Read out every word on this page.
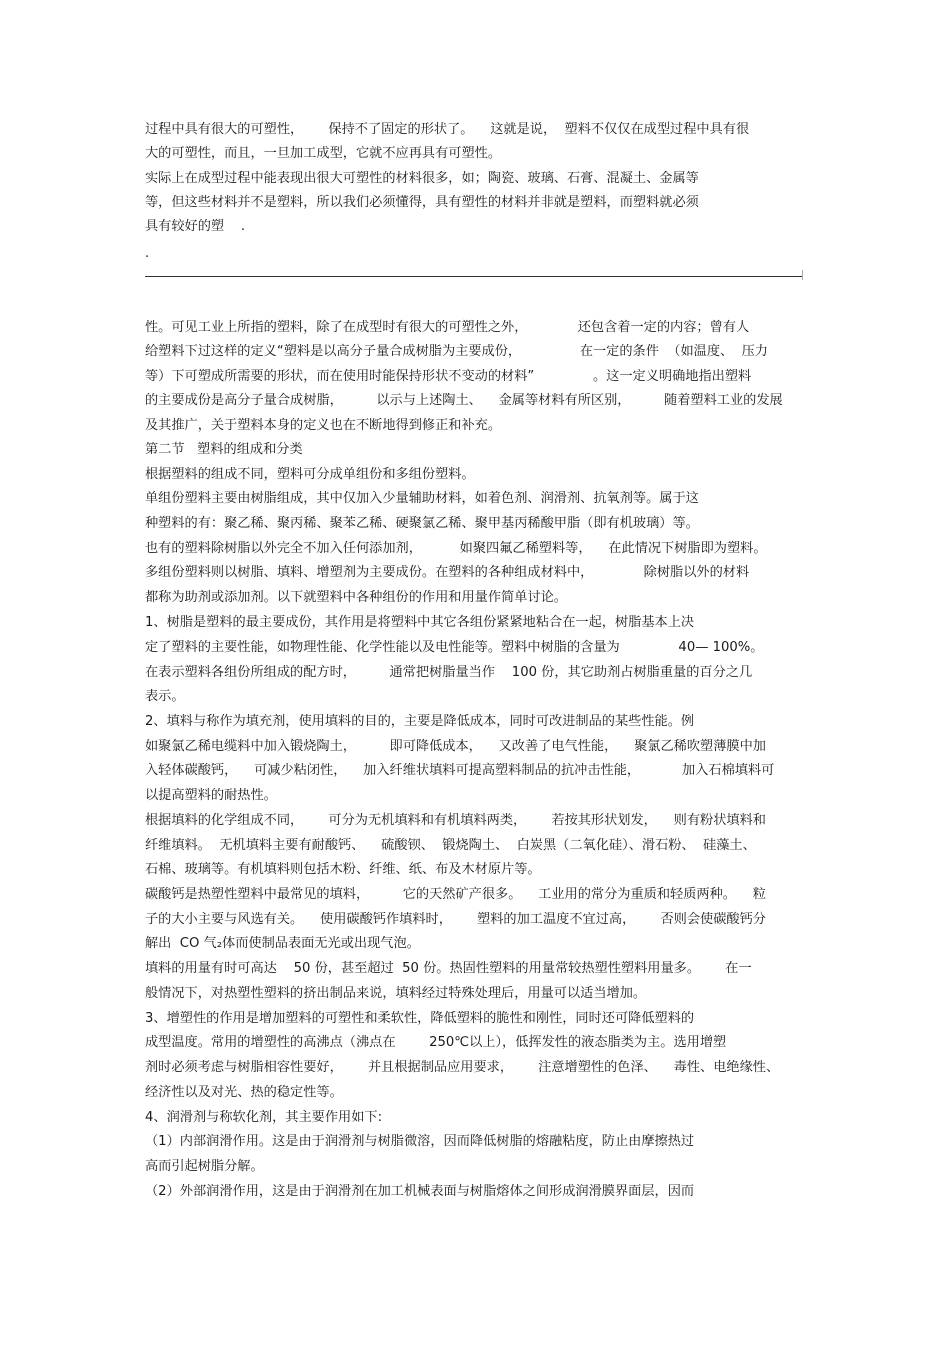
过程中具有很大的可塑性，      保持不了固定的形状了。    这就是说，  塑料不仅仅在成型过程中具有很
大的可塑性，而且，一旦加工成型，它就不应再具有可塑性。
实际上在成型过程中能表现出很大可塑性的材料很多，如；陶瓷、玻璃、石膏、混凝土、金属等
等，但这些材料并不是塑料，所以我们必须懂得，具有塑性的材料并非就是塑料，而塑料就必须
具有较好的塑    .
.
性。可见工业上所指的塑料，除了在成型时有很大的可塑性之外，            还包含着一定的内容；曾有人
给塑料下过这样的定义“塑料是以高分子量合成树脂为主要成份，              在一定的条件  （如温度、  压力
等）下可塑成所需要的形状，而在使用时能保持形状不变动的材料”              。这一定义明确地指出塑料
的主要成份是高分子量合成树脂，        以示与上述陶土、    金属等材料有所区别，        随着塑料工业的发展
及其推广，关于塑料本身的定义也在不断地得到修正和补充。
第二节   塑料的组成和分类
根据塑料的组成不同，塑料可分成单组份和多组份塑料。
单组份塑料主要由树脂组成，其中仅加入少量辅助材料，如着色剂、润滑剂、抗氧剂等。属于这
种塑料的有：聚乙稀、聚丙稀、聚苯乙稀、硬聚氯乙稀、聚甲基丙稀酸甲脂（即有机玻璃）等。
也有的塑料除树脂以外完全不加入任何添加剂，         如聚四氟乙稀塑料等，    在此情况下树脂即为塑料。
多组份塑料则以树脂、填料、增塑剂为主要成份。在塑料的各种组成材料中，            除树脂以外的材料
都称为助剂或添加剂。以下就塑料中各种组份的作用和用量作简单讨论。
1、树脂是塑料的最主要成份，其作用是将塑料中其它各组份紧紧地粘合在一起，树脂基本上决
定了塑料的主要性能，如物理性能、化学性能以及电性能等。塑料中树脂的含量为              40— 100%。
在表示塑料各组份所组成的配方时，        通常把树脂量当作    100 份，其它助剂占树脂重量的百分之几
表示。
2、填料与称作为填充剂，使用填料的目的，主要是降低成本，同时可改进制品的某些性能。例
如聚氯乙稀电缆料中加入锻烧陶土，        即可降低成本，    又改善了电气性能，    聚氯乙稀吹塑薄膜中加
入轻体碳酸钙，    可减少粘闭性，    加入纤维状填料可提高塑料制品的抗冲击性能，          加入石棉填料可
以提高塑料的耐热性。
根据填料的化学组成不同，      可分为无机填料和有机填料两类，      若按其形状划发，    则有粉状填料和
纤维填料。  无机填料主要有耐酸钙、    硫酸钡、  锻烧陶土、  白炭黑（二氧化硅）、滑石粉、  硅藻土、
石棉、玻璃等。有机填料则包括木粉、纤维、纸、布及木材原片等。
碳酸钙是热塑性塑料中最常见的填料，        它的天然矿产很多。    工业用的常分为重质和轻质两种。    粒
子的大小主要与风选有关。    使用碳酸钙作填料时，      塑料的加工温度不宜过高，      否则会使碳酸钙分
解出  CO 气₂体而使制品表面无光或出现气泡。
填料的用量有时可高达    50 份，甚至超过  50 份。热固性塑料的用量常较热塑性塑料用量多。      在一
般情况下，对热塑性塑料的挤出制品来说，填料经过特殊处理后，用量可以适当增加。
3、增塑性的作用是增加塑料的可塑性和柔软性，降低塑料的脆性和刚性，同时还可降低塑料的
成型温度。常用的增塑性的高沸点（沸点在        250℃以上），低挥发性的液态脂类为主。选用增塑
剂时必须考虑与树脂相容性要好，      并且根据制品应用要求，      注意增塑性的色泽、    毒性、电绝缘性、
经济性以及对光、热的稳定性等。
4、润滑剂与称软化剂，其主要作用如下:
（1）内部润滑作用。这是由于润滑剂与树脂微溶，因而降低树脂的熔融粘度，防止由摩擦热过
高而引起树脂分解。
（2）外部润滑作用，这是由于润滑剂在加工机械表面与树脂熔体之间形成润滑膜界面层，因而
